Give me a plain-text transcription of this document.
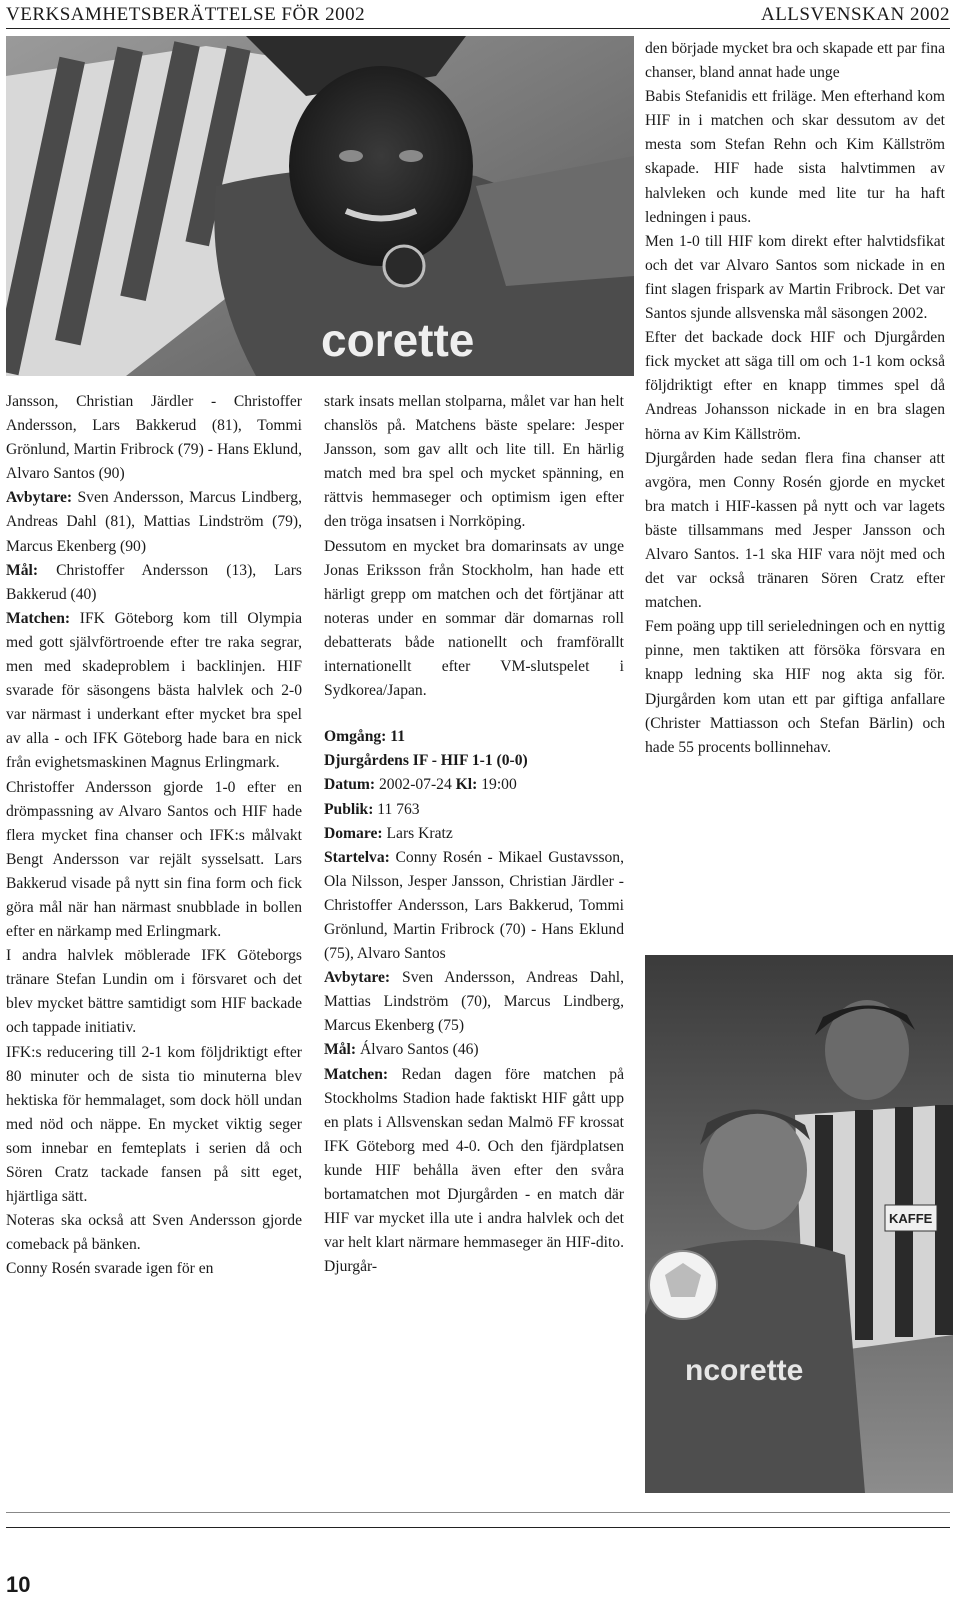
VERKSAMHETSBERÄTTELSE FÖR 2002	ALLSVENSKAN 2002
corette

Jansson, Christian Järdler - Christoffer Andersson, Lars Bakkerud (81), Tommi Grönlund, Martin Fribrock (79) - Hans Eklund, Alvaro Santos (90)

Avbytare: Sven Andersson, Marcus Lindberg, Andreas Dahl (81), Mattias Lindström (79), Marcus Ekenberg (90)

Mål: Christoffer Andersson (13), Lars Bakkerud (40)

Matchen: IFK Göteborg kom till Olympia med gott självförtroende efter tre raka segrar, men med skadeproblem i backlinjen. HIF svarade för säsongens bästa halvlek och 2-0 var närmast i underkant efter mycket bra spel av alla - och IFK Göteborg hade bara en nick från evighetsmaskinen Magnus Erlingmark.

Christoffer Andersson gjorde 1-0 efter en drömpassning av Alvaro Santos och HIF hade flera mycket fina chanser och IFK:s målvakt Bengt Andersson var rejält sysselsatt. Lars Bakkerud visade på nytt sin fina form och fick göra mål när han närmast snubblade in bollen efter en närkamp med Erlingmark.

I andra halvlek möblerade IFK Göteborgs tränare Stefan Lundin om i försvaret och det blev mycket bättre samtidigt som HIF backade och tappade initiativ.

IFK:s reducering till 2-1 kom följdriktigt efter 80 minuter och de sista tio minuterna blev hektiska för hemmalaget, som dock höll undan med nöd och näppe. En mycket viktig seger som innebar en femteplats i serien då och Sören Cratz tackade fansen på sitt eget, hjärtliga sätt.

Noteras ska också att Sven Andersson gjorde comeback på bänken.

Conny Rosén svarade igen för en

stark insats mellan stolparna, målet var han helt chanslös på. Matchens bäste spelare: Jesper Jansson, som gav allt och lite till. En härlig match med bra spel och mycket spänning, en rättvis hemmaseger och optimism igen efter den tröga insatsen i Norrköping.

Dessutom en mycket bra domarinsats av unge Jonas Eriksson från Stockholm, han hade ett härligt grepp om matchen och det förtjänar att noteras under en sommar där domarnas roll debatterats både nationellt och framförallt internationellt efter VM-slutspelet i Sydkorea/Japan.

Omgång: 11

Djurgårdens IF - HIF 1-1 (0-0)

Datum: 2002-07-24 Kl: 19:00

Publik: 11 763

Domare: Lars Kratz

Startelva: Conny Rosén - Mikael Gustavsson, Ola Nilsson, Jesper Jansson, Christian Järdler - Christoffer Andersson, Lars Bakkerud, Tommi Grönlund, Martin Fribrock (70) - Hans Eklund (75), Alvaro Santos

Avbytare: Sven Andersson, Andreas Dahl, Mattias Lindström (70), Marcus Lindberg, Marcus Ekenberg (75)

Mål: Álvaro Santos (46)

Matchen: Redan dagen före matchen på Stockholms Stadion hade faktiskt HIF gått upp en plats i Allsvenskan sedan Malmö FF krossat IFK Göteborg med 4-0. Och den fjärdplatsen kunde HIF behålla även efter den svåra bortamatchen mot Djurgården - en match där HIF var mycket illa ute i andra halvlek och det var helt klart närmare hemmaseger än HIF-dito. Djurgår-

den började mycket bra och skapade ett par fina chanser, bland annat hade unge

Babis Stefanidis ett friläge. Men efterhand kom HIF in i matchen och skar dessutom av det mesta som Stefan Rehn och Kim Källström skapade. HIF hade sista halvtimmen av halvleken och kunde med lite tur ha haft ledningen i paus.

Men 1-0 till HIF kom direkt efter halvtidsfikat och det var Alvaro Santos som nickade in en fint slagen frispark av Martin Fribrock. Det var Santos sjunde allsvenska mål säsongen 2002.

Efter det backade dock HIF och Djurgården fick mycket att säga till om och 1-1 kom också följdriktigt efter en knapp timmes spel då Andreas Johansson nickade in en bra slagen hörna av Kim Källström.

Djurgården hade sedan flera fina chanser att avgöra, men Conny Rosén gjorde en mycket bra match i HIF-kassen på nytt och var lagets bäste tillsammans med Jesper Jansson och Alvaro Santos. 1-1 ska HIF vara nöjt med och det var också tränaren Sören Cratz efter matchen.

Fem poäng upp till serieledningen och en nyttig pinne, men taktiken att försöka försvara en knapp ledning ska HIF nog akta sig för. Djurgården kom utan ett par giftiga anfallare (Christer Mattiasson och Stefan Bärlin) och hade 55 procents bollinnehav.

KAFFE
ncorette
10
